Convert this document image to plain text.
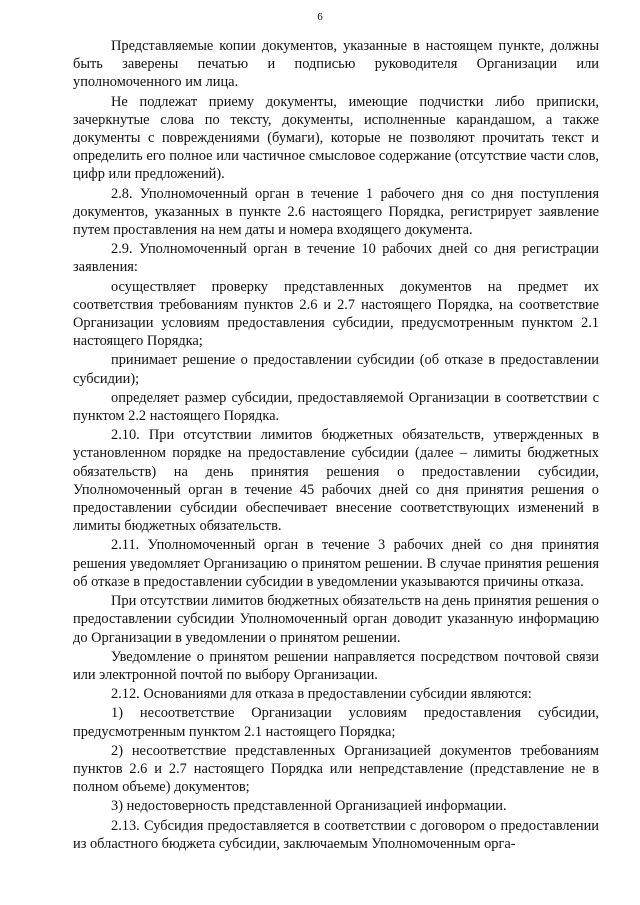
6

Представляемые копии документов, указанные в настоящем пункте, должны быть заверены печатью и подписью руководителя Организации или уполномоченного им лица.

Не подлежат приему документы, имеющие подчистки либо приписки, зачеркнутые слова по тексту, документы, исполненные карандашом, а также документы с повреждениями (бумаги), которые не позволяют прочитать текст и определить его полное или частичное смысловое содержание (отсутствие части слов, цифр или предложений).

2.8. Уполномоченный орган в течение 1 рабочего дня со дня поступления документов, указанных в пункте 2.6 настоящего Порядка, регистрирует заявление путем проставления на нем даты и номера входящего документа.

2.9. Уполномоченный орган в течение 10 рабочих дней со дня регистрации заявления:

осуществляет проверку представленных документов на предмет их соответствия требованиям пунктов 2.6 и 2.7 настоящего Порядка, на соответствие Организации условиям предоставления субсидии, предусмотренным пунктом 2.1 настоящего Порядка;

принимает решение о предоставлении субсидии (об отказе в предоставлении субсидии);

определяет размер субсидии, предоставляемой Организации в соответствии с пунктом 2.2 настоящего Порядка.

2.10. При отсутствии лимитов бюджетных обязательств, утвержденных в установленном порядке на предоставление субсидии (далее – лимиты бюджетных обязательств) на день принятия решения о предоставлении субсидии, Уполномоченный орган в течение 45 рабочих дней со дня принятия решения о предоставлении субсидии обеспечивает внесение соответствующих изменений в лимиты бюджетных обязательств.

2.11. Уполномоченный орган в течение 3 рабочих дней со дня принятия решения уведомляет Организацию о принятом решении. В случае принятия решения об отказе в предоставлении субсидии в уведомлении указываются причины отказа.

При отсутствии лимитов бюджетных обязательств на день принятия решения о предоставлении субсидии Уполномоченный орган доводит указанную информацию до Организации в уведомлении о принятом решении.

Уведомление о принятом решении направляется посредством почтовой связи или электронной почтой по выбору Организации.

2.12. Основаниями для отказа в предоставлении субсидии являются:

1) несоответствие Организации условиям предоставления субсидии, предусмотренным пунктом 2.1 настоящего Порядка;

2) несоответствие представленных Организацией документов требованиям пунктов 2.6 и 2.7 настоящего Порядка или непредставление (представление не в полном объеме) документов;

3) недостоверность представленной Организацией информации.

2.13. Субсидия предоставляется в соответствии с договором о предоставлении из областного бюджета субсидии, заключаемым Уполномоченным орга-
